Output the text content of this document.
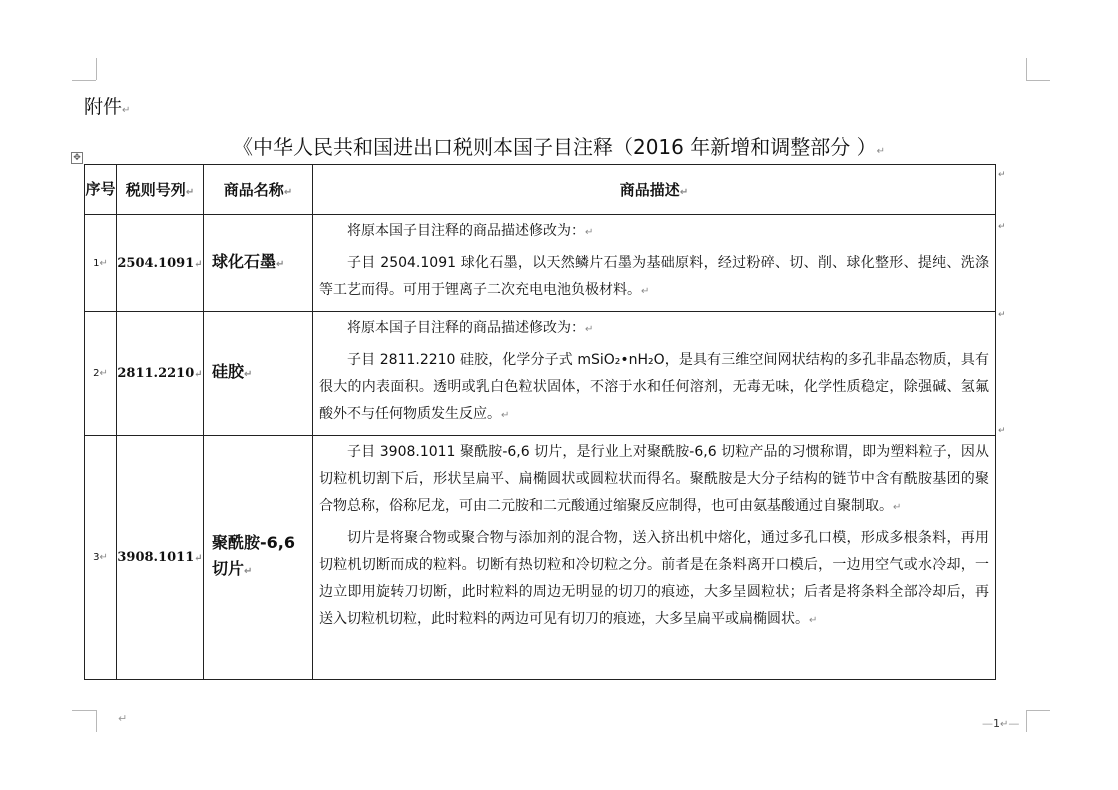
附件↵
《中华人民共和国进出口税则本国子目注释（2016 年新增和调整部分 ）↵
✥
序号	税则号列↵	商品名称↵	商品描述↵
1↵	2504.1091↵	球化石墨↵	将原本国子目注释的商品描述修改为：↵

子目 2504.1091 球化石墨，以天然鳞片石墨为基础原料，经过粉碎、切、削、球化整形、提纯、洗涤等工艺而得。可用于锂离子二次充电电池负极材料。↵

2↵	2811.2210↵	硅胶↵	将原本国子目注释的商品描述修改为：↵

子目 2811.2210 硅胶，化学分子式 mSiO₂•nH₂O，是具有三维空间网状结构的多孔非晶态物质，具有很大的内表面积。透明或乳白色粒状固体，不溶于水和任何溶剂，无毒无味，化学性质稳定，除强碱、氢氟酸外不与任何物质发生反应。↵

3↵	3908.1011↵	聚酰胺-6,6 切片↵	子目 3908.1011 聚酰胺-6,6 切片，是行业上对聚酰胺-6,6 切粒产品的习惯称谓，即为塑料粒子，因从切粒机切割下后，形状呈扁平、扁椭圆状或圆粒状而得名。聚酰胺是大分子结构的链节中含有酰胺基团的聚合物总称，俗称尼龙，可由二元胺和二元酸通过缩聚反应制得，也可由氨基酸通过自聚制取。↵

切片是将聚合物或聚合物与添加剂的混合物，送入挤出机中熔化，通过多孔口模，形成多根条料，再用切粒机切断而成的粒料。切断有热切粒和冷切粒之分。前者是在条料离开口模后，一边用空气或水冷却，一边立即用旋转刀切断，此时粒料的周边无明显的切刀的痕迹，大多呈圆粒状；后者是将条料全部冷却后，再送入切粒机切粒，此时粒料的两边可见有切刀的痕迹，大多呈扁平或扁椭圆状。↵

↵
↵
↵
↵
↵	—1↵—
